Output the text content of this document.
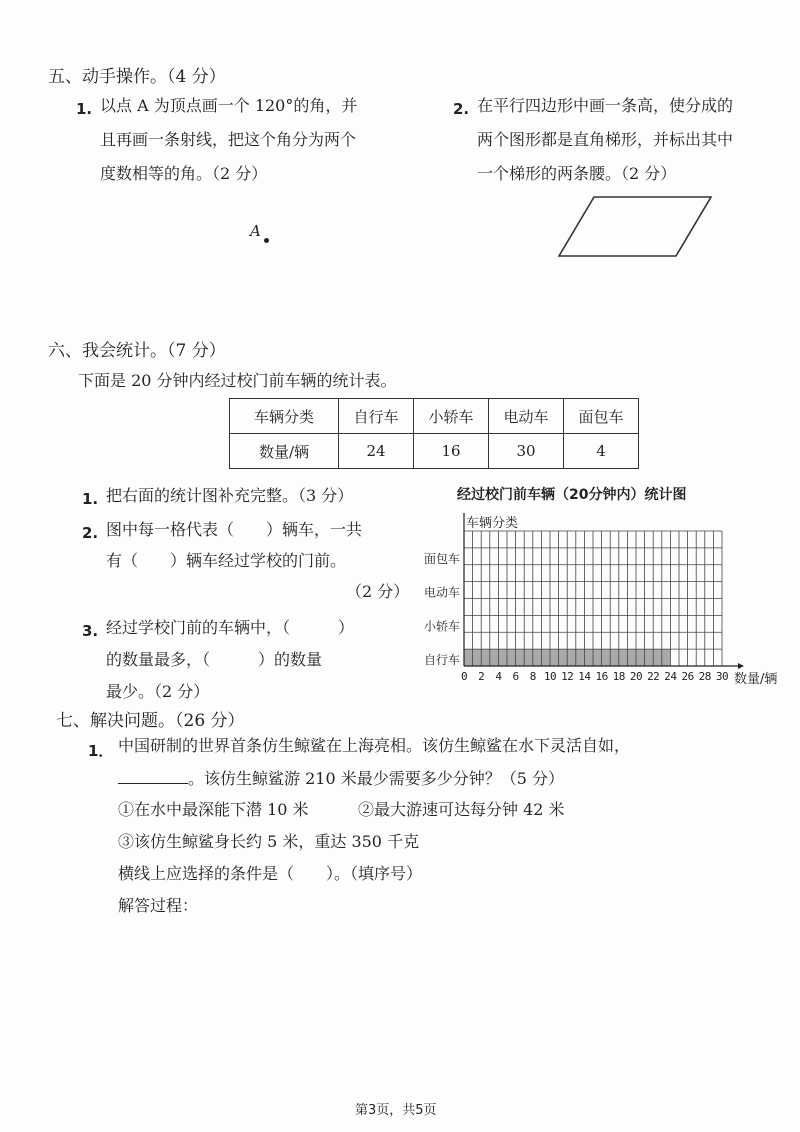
五、动手操作。（4 分）
1. 以点 A 为顶点画一个 120°的角，并
且再画一条射线，把这个角分为两个
度数相等的角。（2 分）
A
2. 在平行四边形中画一条高，使分成的
两个图形都是直角梯形，并标出其中
一个梯形的两条腰。（2 分）
六、我会统计。（7 分）
下面是 20 分钟内经过校门前车辆的统计表。
车辆分类	自行车	小轿车	电动车	面包车
数量/辆	24	16	30	4
1. 把右面的统计图补充完整。（3 分）
2. 图中每一格代表（　　）辆车，一共
有（　　）辆车经过学校的门前。
（2 分）
3. 经过学校门前的车辆中，（　　　）
的数量最多，（　　　）的数量
最少。（2 分）
经过校门前车辆（20分钟内）统计图
车辆分类
自行车
小轿车
电动车
面包车
0 2 4 6 8 10 12 14 16 18 20 22 24 26 28 30 数量/辆
七、解决问题。（26 分）
1． 中国研制的世界首条仿生鲸鲨在上海亮相。该仿生鲸鲨在水下灵活自如，
。该仿生鲸鲨游 210 米最少需要多少分钟？（5 分）
①在水中最深能下潜 10 米	②最大游速可达每分钟 42 米
③该仿生鲸鲨身长约 5 米，重达 350 千克
横线上应选择的条件是（　　）。（填序号）
解答过程：
第3页，共5页
